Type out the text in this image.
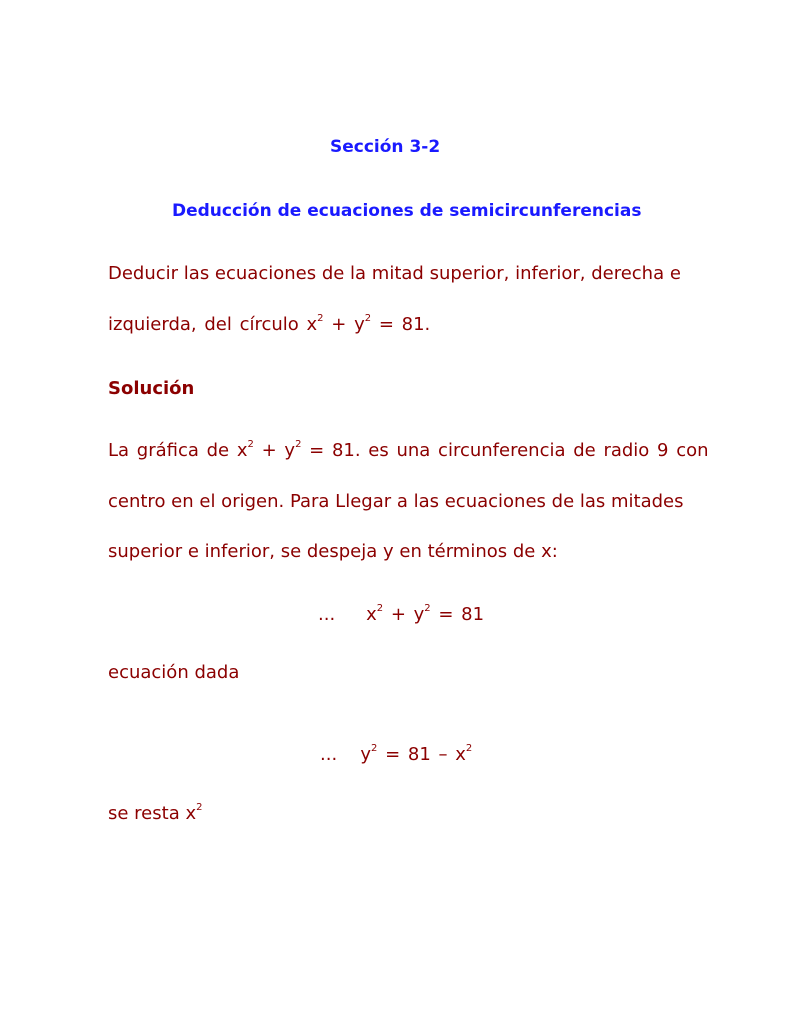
Sección 3-2
Deducción de ecuaciones de semicircunferencias
Deducir las ecuaciones de la mitad superior, inferior, derecha e
izquierda, del círculo $x^2 + y^2 = 81$.
Solución
La gráfica de $x^2 + y^2 = 81$. es una circunferencia de radio 9 con
centro en el origen. Para Llegar a las ecuaciones de las mitades
superior e inferior, se despeja y en términos de x:
... $x^2 + y^2 = 81$
ecuación dada
... $y^2 = 81 - x^2$
se resta $x^2$
